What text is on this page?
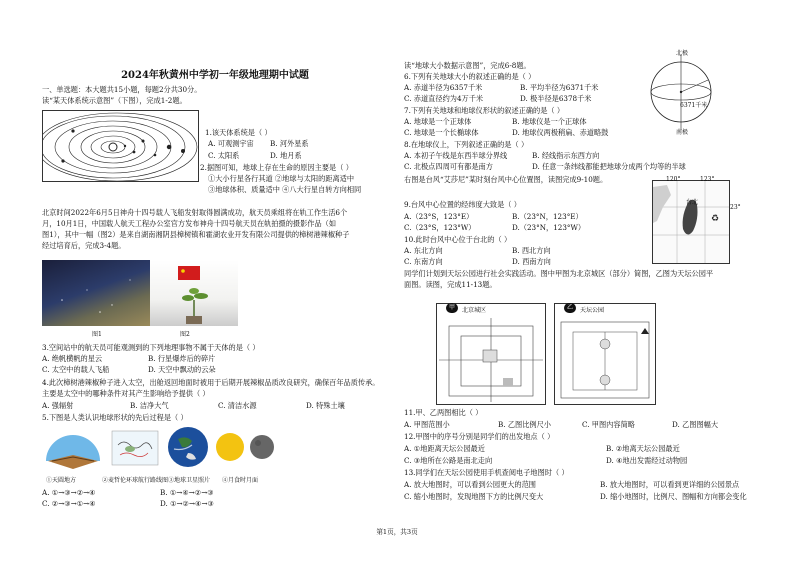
2024年秋黄州中学初一年级地理期中试题
一、单选题：本大题共15小题，每题2分共30分。
读“某天体系统示意图”（下图），完成1-2题。
1.该天体系统是（ ）
A. 可观测宇宙 B. 河外星系
C. 太阳系	D. 地月系
2.据图可知，地球上存在生命的原因主要是（ ）
①大小行星各行其道 ②地球与太阳的距离适中
③地球体积、质量适中 ④八大行星自转方向相同
北京时间2022年6月5日神舟十四号载人飞船发射取得圆满成功，航天员乘组将在轨工作生活6个
月，10月1日，中国载人航天工程办公室官方发布神舟十四号航天员在轨拍摄的摄影作品（如
图1），其中一幅（图2）是来自湖南湘阴县樟树镇和霍湖农业开发有限公司提供的樟树港辣椒种子
经过培育后，完成3-4题。
图1	图2
3.空间站中的航天员可能观测到的下列地理事物不属于天体的是（ ）
A. 绝帆横帆的星云	B. 行星爆炸后的碎片
C. 太空中的载人飞船	D. 天空中飘动的云朵
4.此次樟树港辣椒种子进入太空，出舱返回地面时被用于后期开展辣椒品质改良研究，确保百年品质传承。
主要是太空中的哪种条件对其产生影响给予提供（ ）
A. 强辐射	B. 洁净大气	C. 清洁水源	D. 特殊土壤
5.下图是人类认识地球形状的先后过程是（ ）
①天圆地方	②麦哲伦环球航行路线图 ③地球卫星照片 ④月食时月面
A. ①→③→②→④	B. ①→④→②→③
C. ②→③→①→④	D. ①→②→④→③
读“地球大小数据示意图”，完成6-8题。
北极
南极
6371千米
6.下列有关地球大小的叙述正确的是（ ）
A. 赤道半径为6357千米	B. 平均半径为6371千米
C. 赤道直径约为4万千米	D. 极半径是6378千米
7.下列有关地球和地球仪形状的叙述正确的是（ ）
A. 地球是一个正球体	B. 地球仪是一个正球体
C. 地球是一个长椭球体	D. 地球仪两极稍扁、赤道略鼓
8.在地球仪上，下列叙述正确的是（ ）
A. 本初子午线是东西半球分界线	B. 经线指示东西方向
C. 北极点四周可有都是南方	D. 任意一条纬线都能把地球分成两个均等的半球
右图是台风“艾莎尼”某时刻台风中心位置图，读图完成9-10题。
♻
120°	123°
23°
台北
9.台风中心位置的经纬度大致是（ ）
A.（23°S，123°E）	B.（23°N，123°E）
C.（23°S，123°W）	D.（23°N，123°W）
10.此时台风中心位于台北的（ ）
A. 东北方向	B. 西北方向
C. 东南方向	D. 西南方向
同学们计划到天坛公园进行社会实践活动。图中甲图为北京城区（部分）简图，乙图为天坛公园平
面图。读图，完成11-13题。
甲	北京城区	乙	天坛公园
11.甲、乙两图相比（ ）
A. 甲图范围小	B. 乙图比例尺小	C. 甲图内容简略	D. 乙图图幅大
12.甲图中的序号分别是同学们的出发地点（ ）
A. ①地距离天坛公园最近	B. ②地离天坛公园最近
C. ③地所在公路是南北走向	D. ④地出发需经过动物园
13.同学们在天坛公园使用手机查阅电子地图时（ ）
A. 放大地图时，可以看到公园更大的范围	B. 放大地图时，可以看到更详细的公园景点
C. 缩小地图时，发现地图下方的比例尺变大	D. 缩小地图时，比例尺、图幅和方向都会变化
第1页，共3页
